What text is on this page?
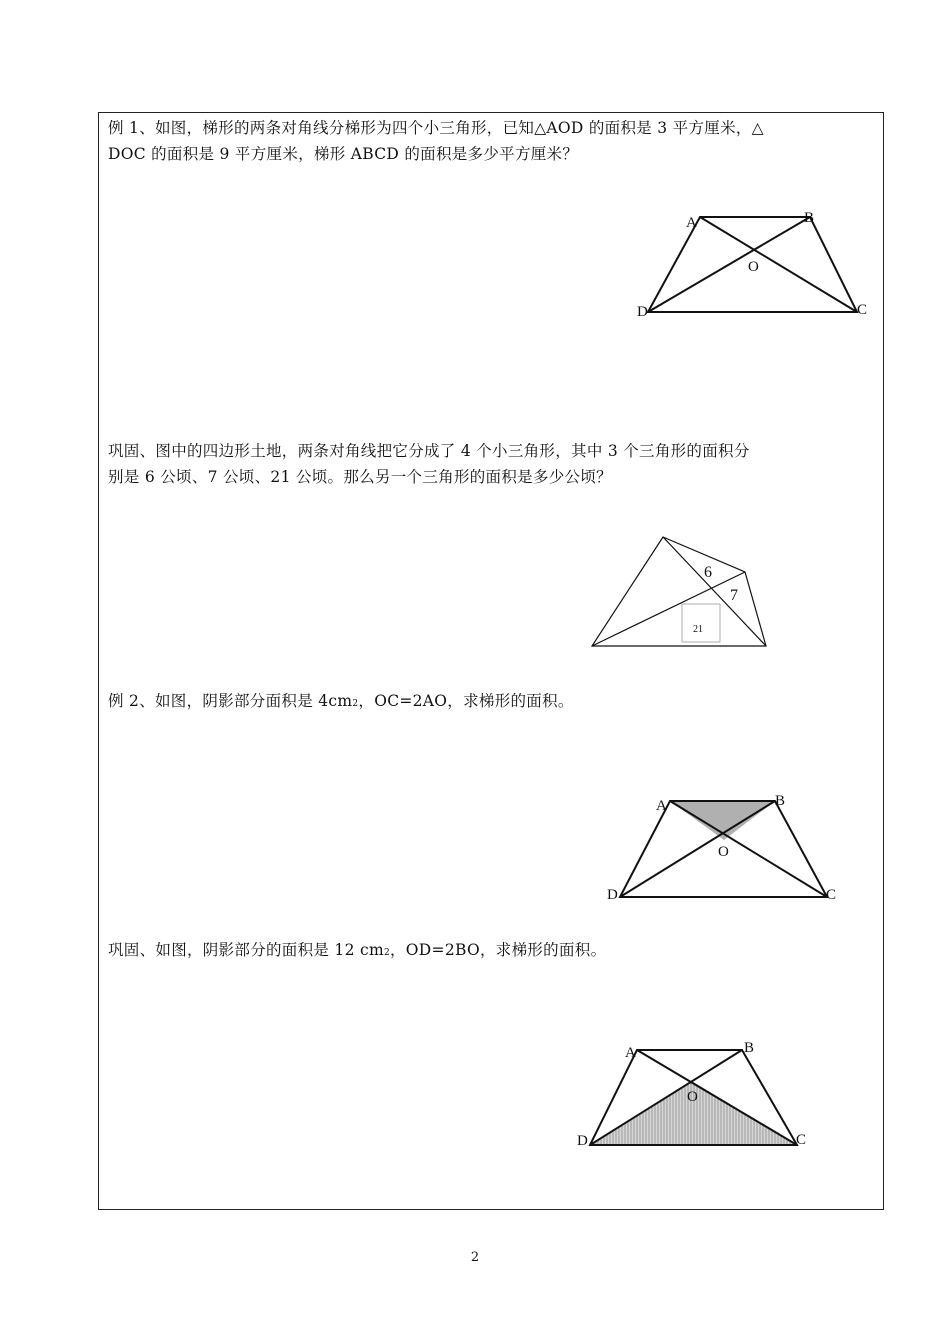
例 1、如图，梯形的两条对角线分梯形为四个小三角形，已知△AOD 的面积是 3 平方厘米，△
DOC 的面积是 9 平方厘米，梯形 ABCD 的面积是多少平方厘米？

A	B
C
D
O

巩固、图中的四边形土地，两条对角线把它分成了 4 个小三角形，其中 3 个三角形的面积分
别是 6 公顷、7 公顷、21 公顷。那么另一个三角形的面积是多少公顷？

6
7
21

例 2、如图，阴影部分面积是 4cm2，OC=2AO，求梯形的面积。

A	B
C
D
O

巩固、如图，阴影部分的面积是 12 cm2，OD=2BO，求梯形的面积。

A	B
C
D
O
2
